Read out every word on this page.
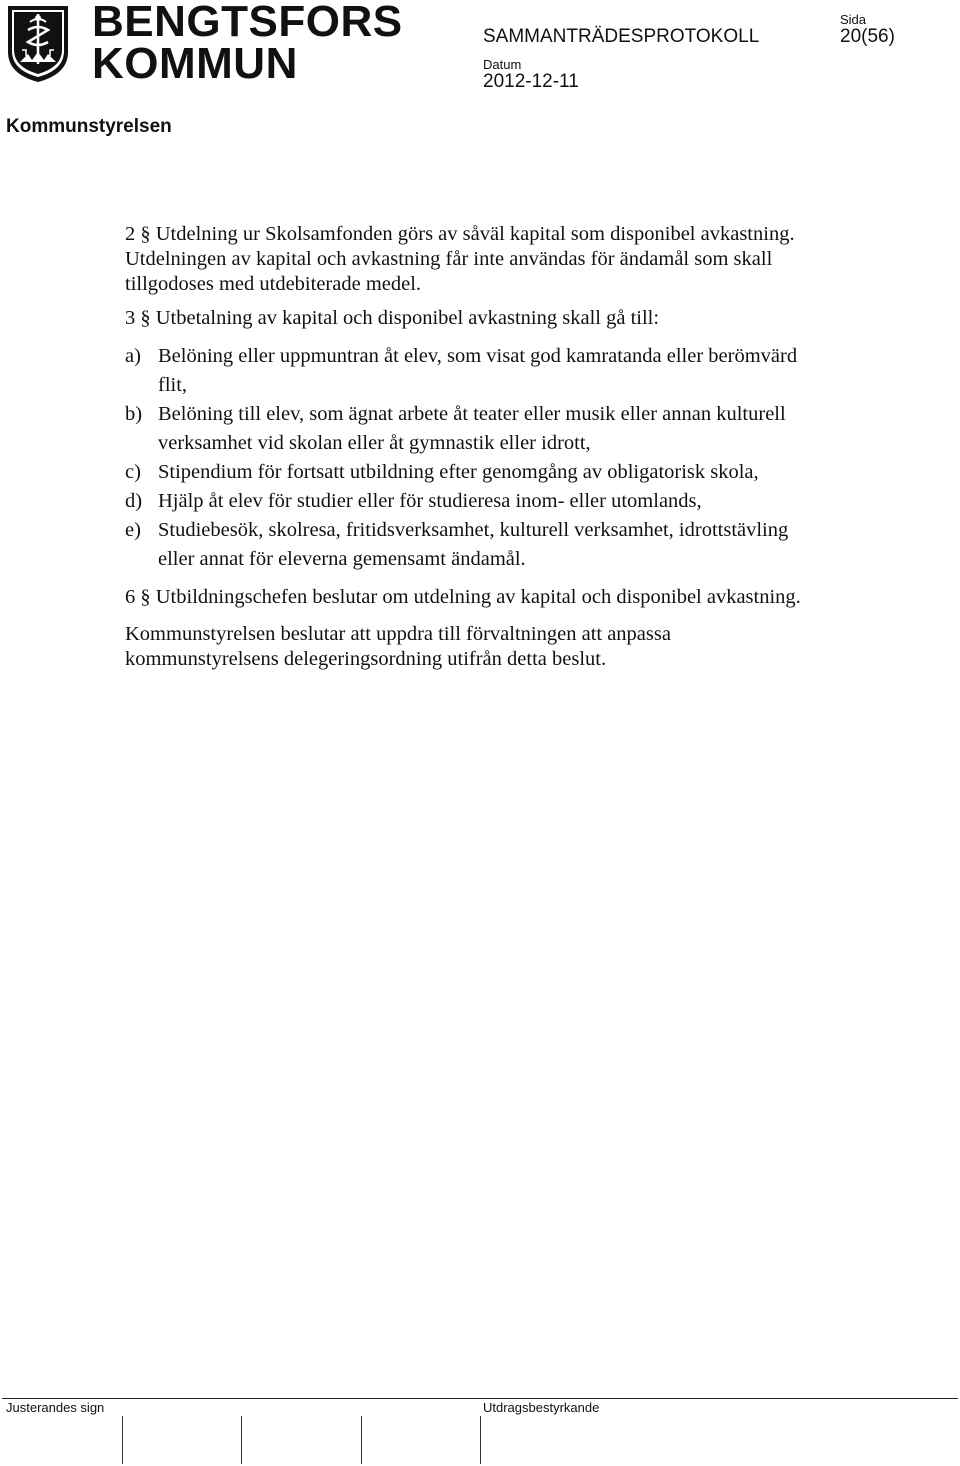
BENGTSFORS
KOMMUN
SAMMANTRÄDESPROTOKOLL
Sida
20(56)
Datum
2012-12-11
Kommunstyrelsen

2 § Utdelning ur Skolsamfonden görs av såväl kapital som disponibel avkastning. Utdelningen av kapital och avkastning får inte användas för ändamål som skall tillgodoses med utdebiterade medel.

3 § Utbetalning av kapital och disponibel avkastning skall gå till:

a) Belöning eller uppmuntran åt elev, som visat god kamratanda eller berömvärd flit,
b) Belöning till elev, som ägnat arbete åt teater eller musik eller annan kulturell verksamhet vid skolan eller åt gymnastik eller idrott,
c) Stipendium för fortsatt utbildning efter genomgång av obligatorisk skola,
d) Hjälp åt elev för studier eller för studieresa inom- eller utomlands,
e) Studiebesök, skolresa, fritidsverksamhet, kulturell verksamhet, idrottstävling eller annat för eleverna gemensamt ändamål.

6 § Utbildningschefen beslutar om utdelning av kapital och disponibel avkastning.

Kommunstyrelsen beslutar att uppdra till förvaltningen att anpassa kommunstyrelsens delegeringsordning utifrån detta beslut.

Justerandes sign	Utdragsbestyrkande
